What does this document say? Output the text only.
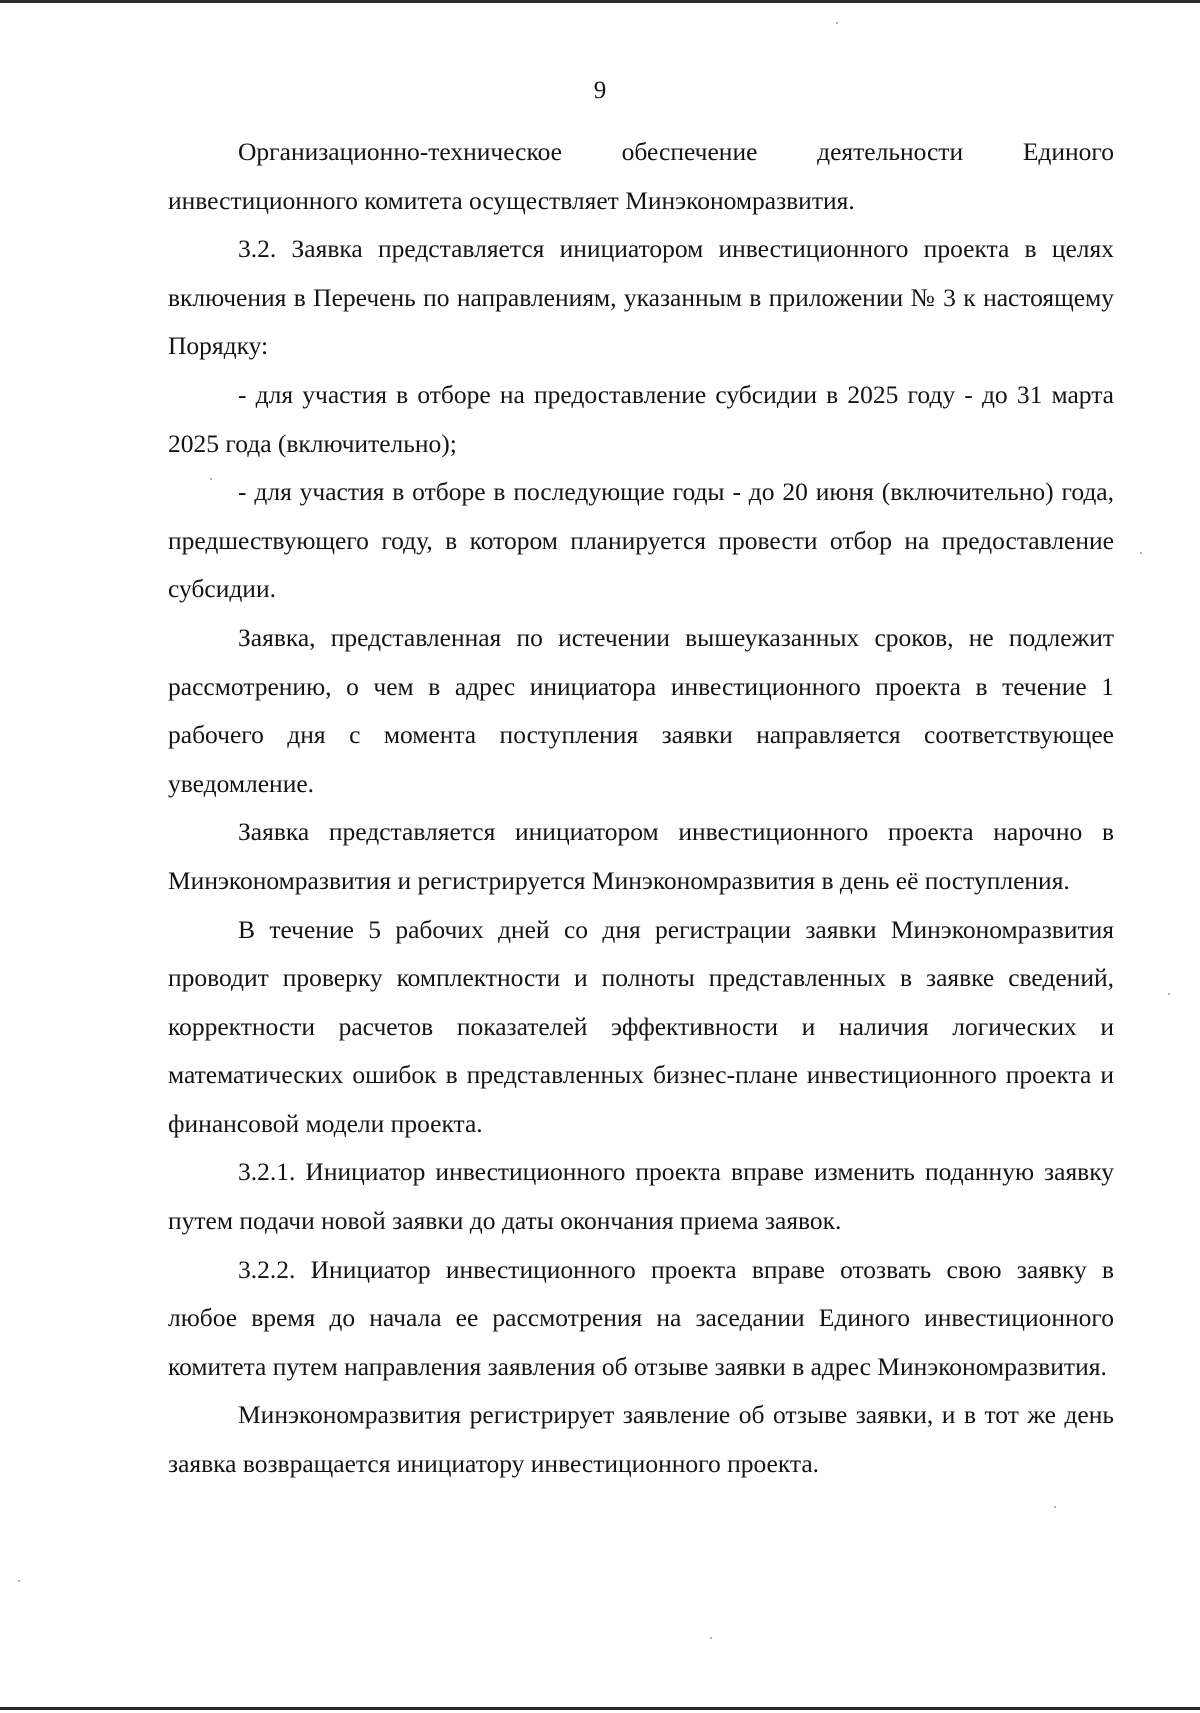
9

Организационно-техническое обеспечение деятельности Единого инвестиционного комитета осуществляет Минэкономразвития.

3.2. Заявка представляется инициатором инвестиционного проекта в целях включения в Перечень по направлениям, указанным в приложении № 3 к настоящему Порядку:

- для участия в отборе на предоставление субсидии в 2025 году - до 31 марта 2025 года (включительно);

- для участия в отборе в последующие годы - до 20 июня (включительно) года, предшествующего году, в котором планируется провести отбор на предоставление субсидии.

Заявка, представленная по истечении вышеуказанных сроков, не подлежит рассмотрению, о чем в адрес инициатора инвестиционного проекта в течение 1 рабочего дня с момента поступления заявки направляется соответствующее уведомление.

Заявка представляется инициатором инвестиционного проекта нарочно в Минэкономразвития и регистрируется Минэкономразвития в день её поступления.

В течение 5 рабочих дней со дня регистрации заявки Минэкономразвития проводит проверку комплектности и полноты представленных в заявке сведений, корректности расчетов показателей эффективности и наличия логических и математических ошибок в представленных бизнес-плане инвестиционного проекта и финансовой модели проекта.

3.2.1. Инициатор инвестиционного проекта вправе изменить поданную заявку путем подачи новой заявки до даты окончания приема заявок.

3.2.2. Инициатор инвестиционного проекта вправе отозвать свою заявку в любое время до начала ее рассмотрения на заседании Единого инвестиционного комитета путем направления заявления об отзыве заявки в адрес Минэкономразвития.

Минэкономразвития регистрирует заявление об отзыве заявки, и в тот же день заявка возвращается инициатору инвестиционного проекта.
